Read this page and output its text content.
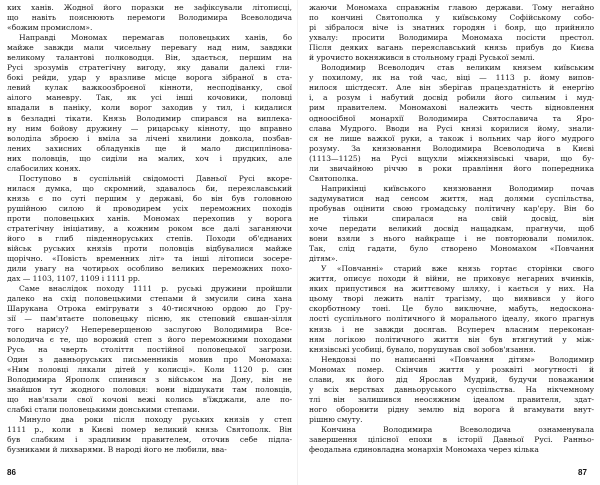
ких ханів. Жодної його поразки не зафіксували літописці,
що навіть пояснюють перемоги Володимира Всеволодича
«божим промислом».
Направді Мономах перемагав половецьких ханів, бо
майже завжди мали чисельну перевагу над ним, завдяки
великому талантові полководця. Він, здається, першим на
Русі зрозумів стратегічну вигоду, яку давали далекі гли-
бокі рейди, удар у вразливе місце ворога зібраної в ста-
левий кулак важкоозброєної кінноти, несподіванку, свої
аілого маневру. Так, як усі інші кочовики, половці
впадали в паніку, коли ворог заходив у тил, і кидалися
в безладні тікати. Князь Володимир спирався на виплека-
ну ним бойову дружину — рицарську кінноту, що вправно
володіла зброєю і вміла за лічені хвилини довкола, позбав-
лених захисних обладунків ще й мало дисциплінова-
них половців, що сиділи на малих, хоч і прудких, але
слабосилих конях.
Поступово в суспільній свідомості Давньої Русі вкоре-
нилася думка, що скромний, здавалось би, переяславський
князь є по суті першим у державі, бо він був головною
рушійною силою й проводирем усіх переможних походів
проти половецьких ханів. Мономах перехопив у ворога
стратегічну ініціативу, а кожним роком все далі заганяючи
його в глиб південноруських степів. Походи об'єднаних
військ руських князів проти половців відбувалися майже
щорічно. «Повість временних літ» та інші літописи зосере-
дили увагу на чотирьох особливо великих переможних похо-
дах — 1103, 1107, 1109 і 1111 рр.
Саме внаслідок походу 1111 р. руські дружини пройшли
далеко на схід половецькими степами й змусили сина хана
Шарукана Отрока емігрувати з 40-тисячною ордою до Гру-
зії — пам'ятаєте половецьку пісню, як степовий євшан-зілля
того нарису? Непереверщеною заслугою Володимира Все-
володича є те, що ворожий степ з його переможними походами
Русь на чверть століття постійної половецької загрози.
Один з давньоруських письменників мовив про Мономаха:
«Ним половці лякали дітей у колисці». Коли 1120 р. син
Володимира Ярополк спинився з військом на Дону, він не
знайшов тут жодного половця: вони відшукати там половців,
що нав'язали свої кочові вежі колись в'їжджали, але по-
слабкі стали половецькими донськими степами.
Минуло два роки після походу руських князів у степ
1111 р., коли в Києві помер великий князь Святополк. Він
був слабким і зрадливим правителем, оточив себе підла-
бузниками й лихварями. В народі його не любили, вва-
жаючи Мономаха справжнім главою держави. Тому негайно
по кончині Святополка у київському Софійському собо-
рі зібралося віче із знатних городян і бояр, що прийняло
ухвалу: просити Володимира Мономаха посісти престол.
Після деяких вагань переяславський князь прибув до Києва
й урочисто вокняжився в стольному граді Руської землі.
Володимир Всеволодич став великим князем київським
у похилому, як на той час, віці — 1113 р. йому випов-
нилося шістдесят. Але він зберігав працездатність й енергію
і, а розум і набутий досвід робили його сильним і муд-
рим правителем. Мономахові належить честь відновлення
одноосібної монархії Володимира Святославича та Яро-
слава Мудрого. Вводи на Русі князі корилися йому, знали-
ся не лише важкої руки, а також і вольних чар його мудрого
розуму. За князювання Володимира Всеволодича в Києві
(1113—1125) на Русі вщухли міжкнязівські чвари, що бу-
ли звичайною річчю в роки правління його попередника
Святополка.
Наприкінці київського князювання Володимир почав
задумуватися над сенсом життя, над долями суспільства,
пробував оцінити свою громадську політичну кар'єру. Він бо
не тільки спиралася на свій досвід, він
хоче передати великий досвід нащадкам, прагнучи, щоб
вони взяли з нього найкраще і не повторювали помилок.
Так, слід гадати, було створено Мономахом «Повчання
дітям».
У «Повчанні» старий вже князь гортає сторінки свого
життя, описує походи й війни, не приховує негарних вчинків,
яких припустився на життєвому шляху, і кається у них. На
цьому творі лежить наліт трагізму, що виявився у його
скорботному тоні. Це було виключне, мабуть, недоскона-
лості суспільного політичного й морального ідеалу, якого прагнув
князь і не завжди досягав. Всупереч власним переконан-
ням логікою політичного життя він був втягнутий у між-
князівські усобиці, бувало, порушував свої зобов'язання.
Невдовзі по написанні «Повчання дітям» Володимир
Мономах помер. Скінчив життя у розквіті могутності й
слави, як його дід Ярослав Мудрий, будучи поважаним
у всіх верствах давньоруського суспільства. На нікчемному
тлі він залишився неосяжним ідеалом правителя, здат-
ного оборонити рідну землю від ворога й вгамувати внут-
рішню смуту.
Кончина Володимира Всеволодича ознаменувала
завершення цілісної епохи в історії Давньої Русі. Ранньо-
феодальна єдиновладна монархія Мономаха через кілька
86	87
